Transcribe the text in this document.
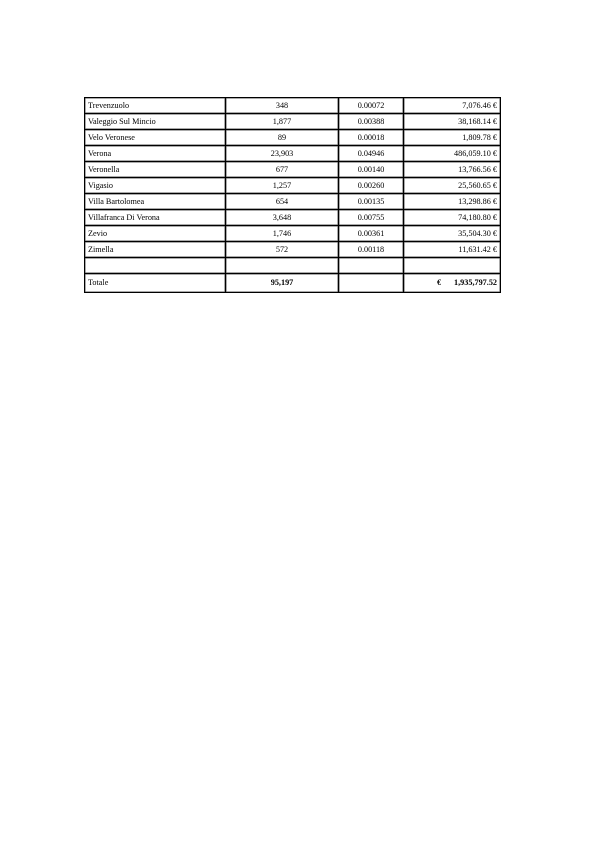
Trevenzuolo	348	0.00072	7,076.46 €
Valeggio Sul Mincio	1,877	0.00388	38,168.14 €
Velo Veronese	89	0.00018	1,809.78 €
Verona	23,903	0.04946	486,059.10 €
Veronella	677	0.00140	13,766.56 €
Vigasio	1,257	0.00260	25,560.65 €
Villa Bartolomea	654	0.00135	13,298.86 €
Villafranca Di Verona	3,648	0.00755	74,180.80 €
Zevio	1,746	0.00361	35,504.30 €
Zimella	572	0.00118	11,631.42 €

Totale	95,197		€ 1,935,797.52
